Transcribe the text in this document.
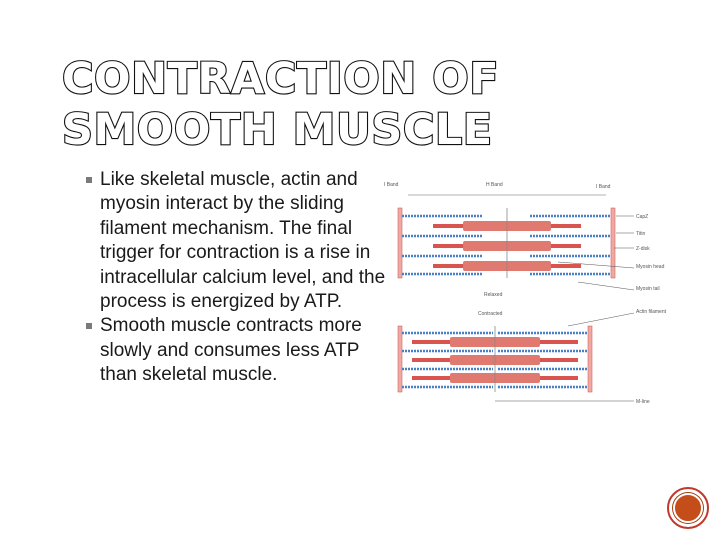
CONTRACTION OF SMOOTH MUSCLE
Like skeletal muscle, actin and myosin interact by the sliding filament mechanism. The final trigger for contraction is a rise in intracellular calcium level, and the process is energized by ATP.
Smooth muscle contracts more slowly and consumes less ATP than skeletal muscle.
I Band	H Band	I Band
Relaxed
Contracted
CapZ
Titin
Z-disk
Myosin head
Myosin tail
Actin filament
M-line
